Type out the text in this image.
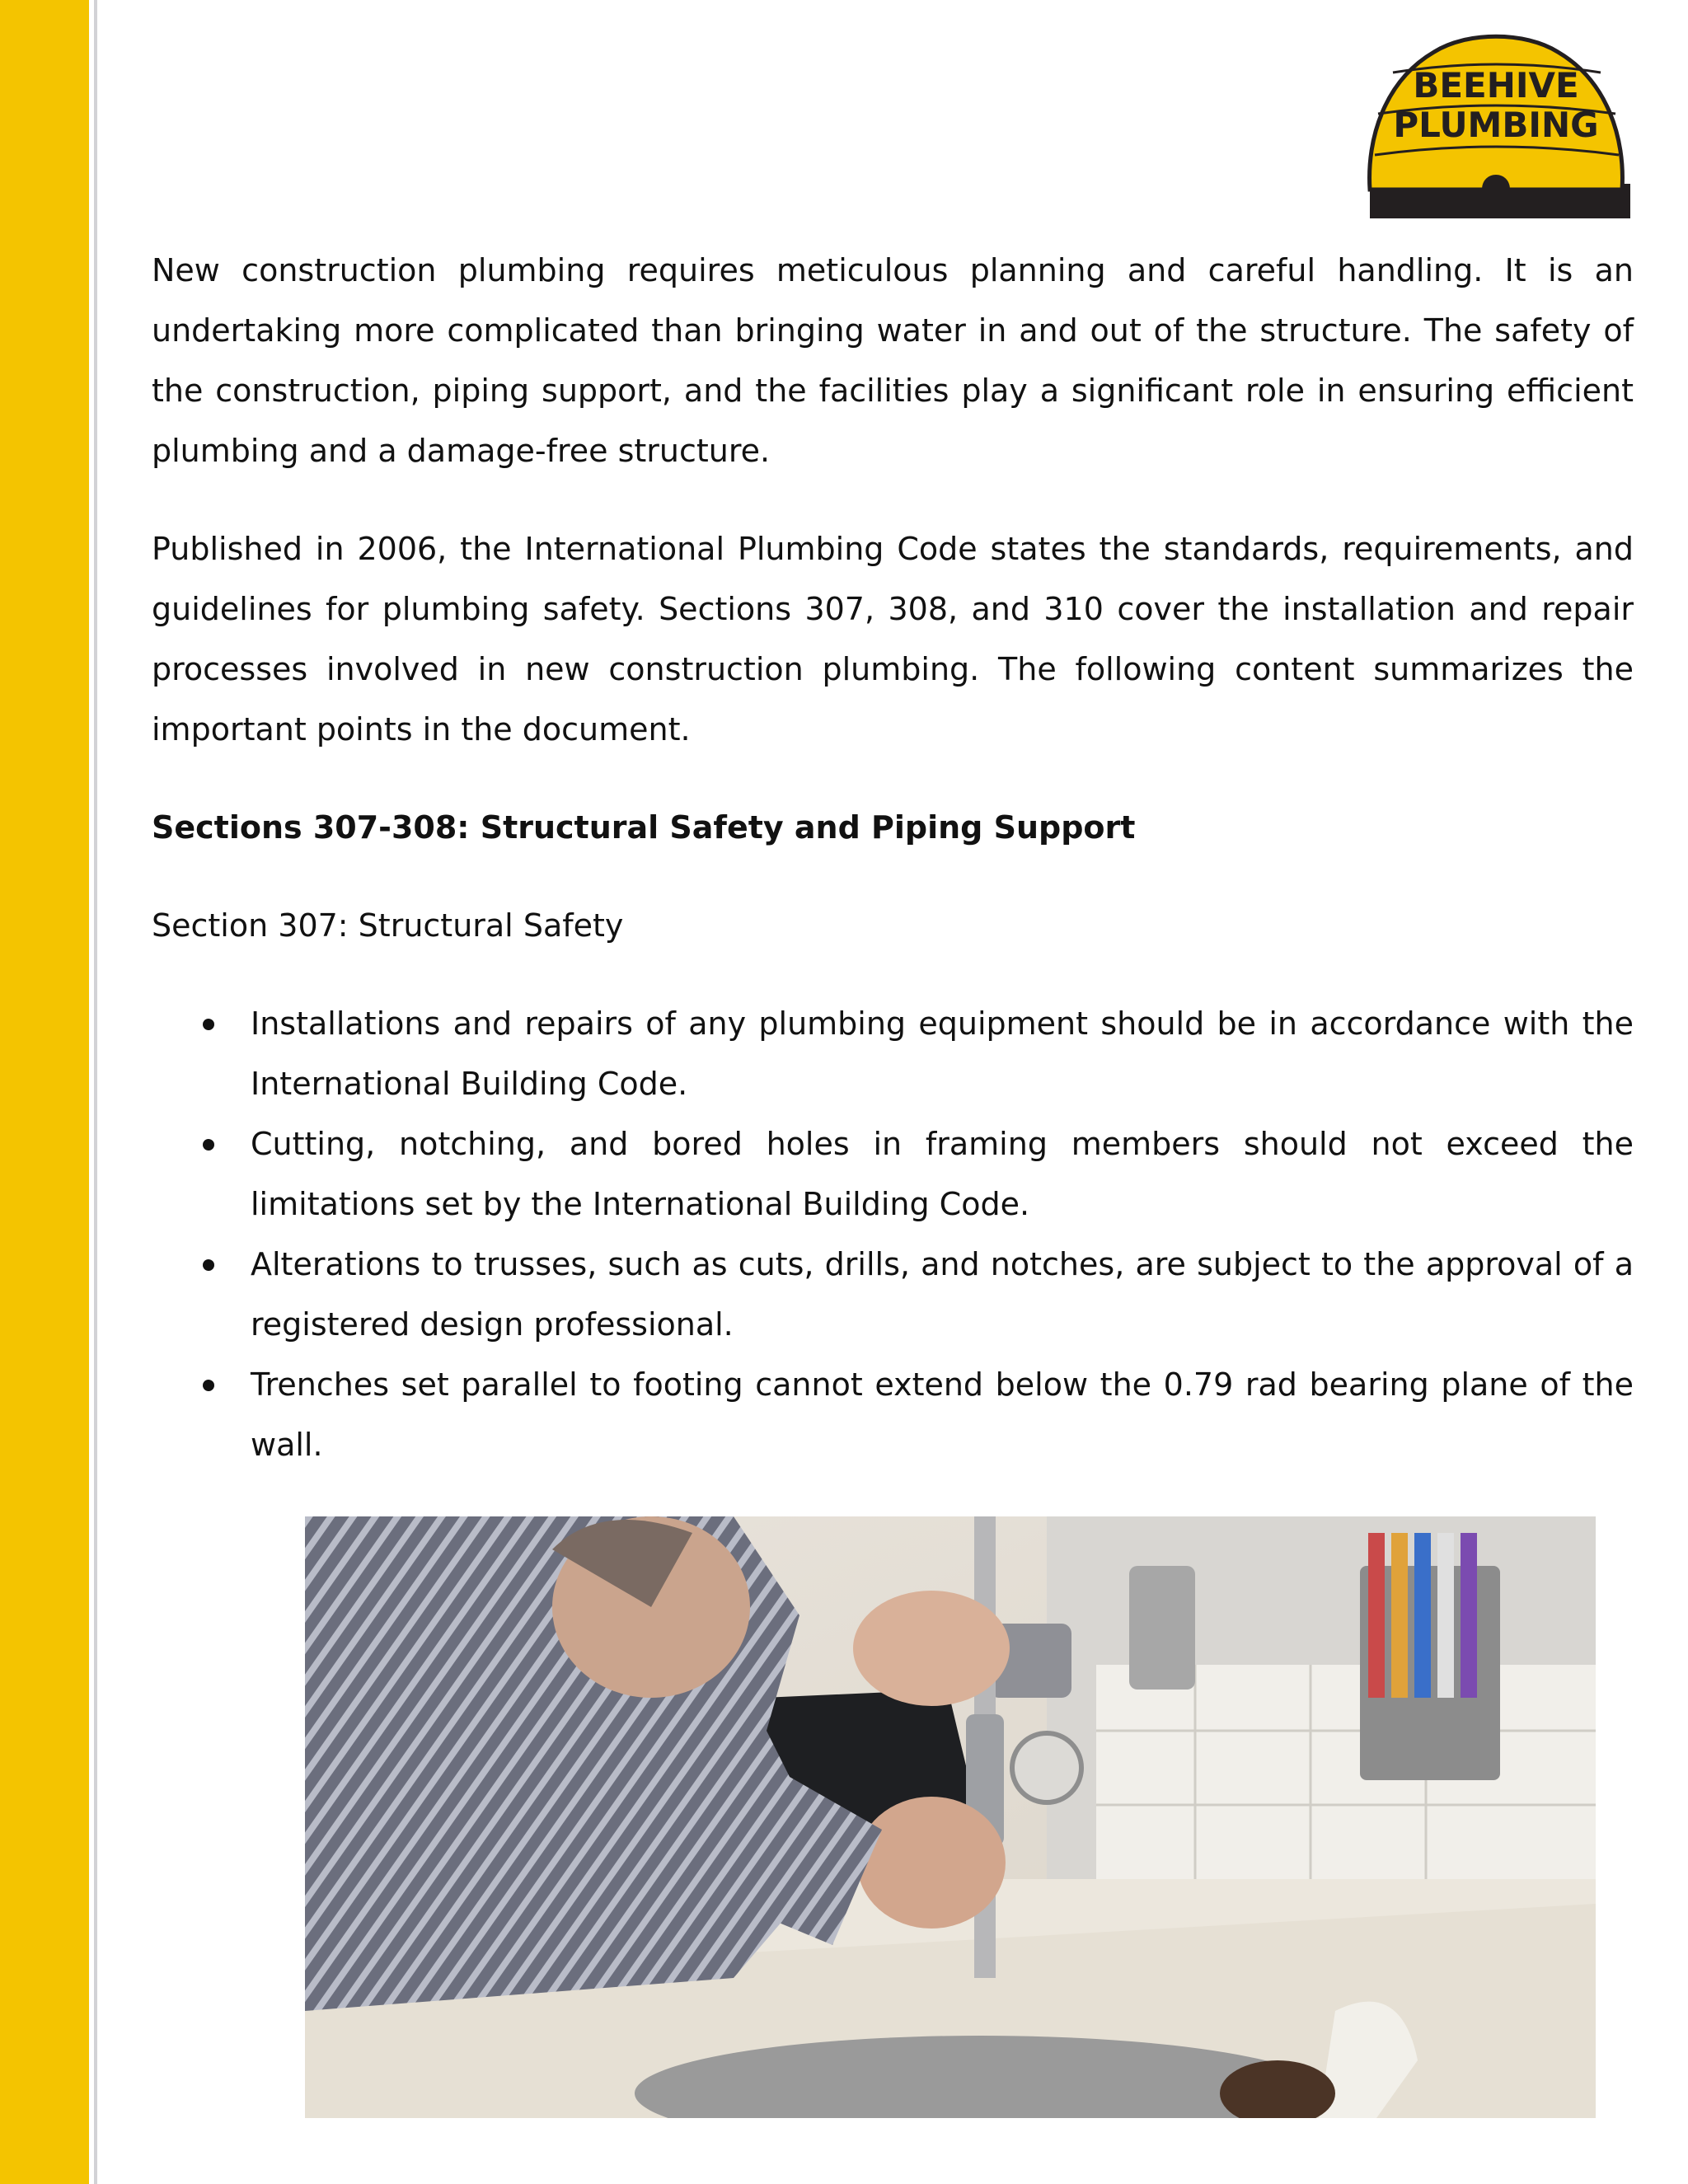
BEEHIVE
PLUMBING

New construction plumbing requires meticulous planning and careful handling. It is an undertaking more complicated than bringing water in and out of the structure. The safety of the construction, piping support, and the facilities play a significant role in ensuring efficient plumbing and a damage-free structure.

Published in 2006, the International Plumbing Code states the standards, requirements, and guidelines for plumbing safety. Sections 307, 308, and 310 cover the installation and repair processes involved in new construction plumbing. The following content summarizes the important points in the document.

Sections 307-308: Structural Safety and Piping Support

Section 307: Structural Safety

Installations and repairs of any plumbing equipment should be in accordance with the International Building Code.
Cutting, notching, and bored holes in framing members should not exceed the limitations set by the International Building Code.
Alterations to trusses, such as cuts, drills, and notches, are subject to the approval of a registered design professional.
Trenches set parallel to footing cannot extend below the 0.79 rad bearing plane of the wall.
